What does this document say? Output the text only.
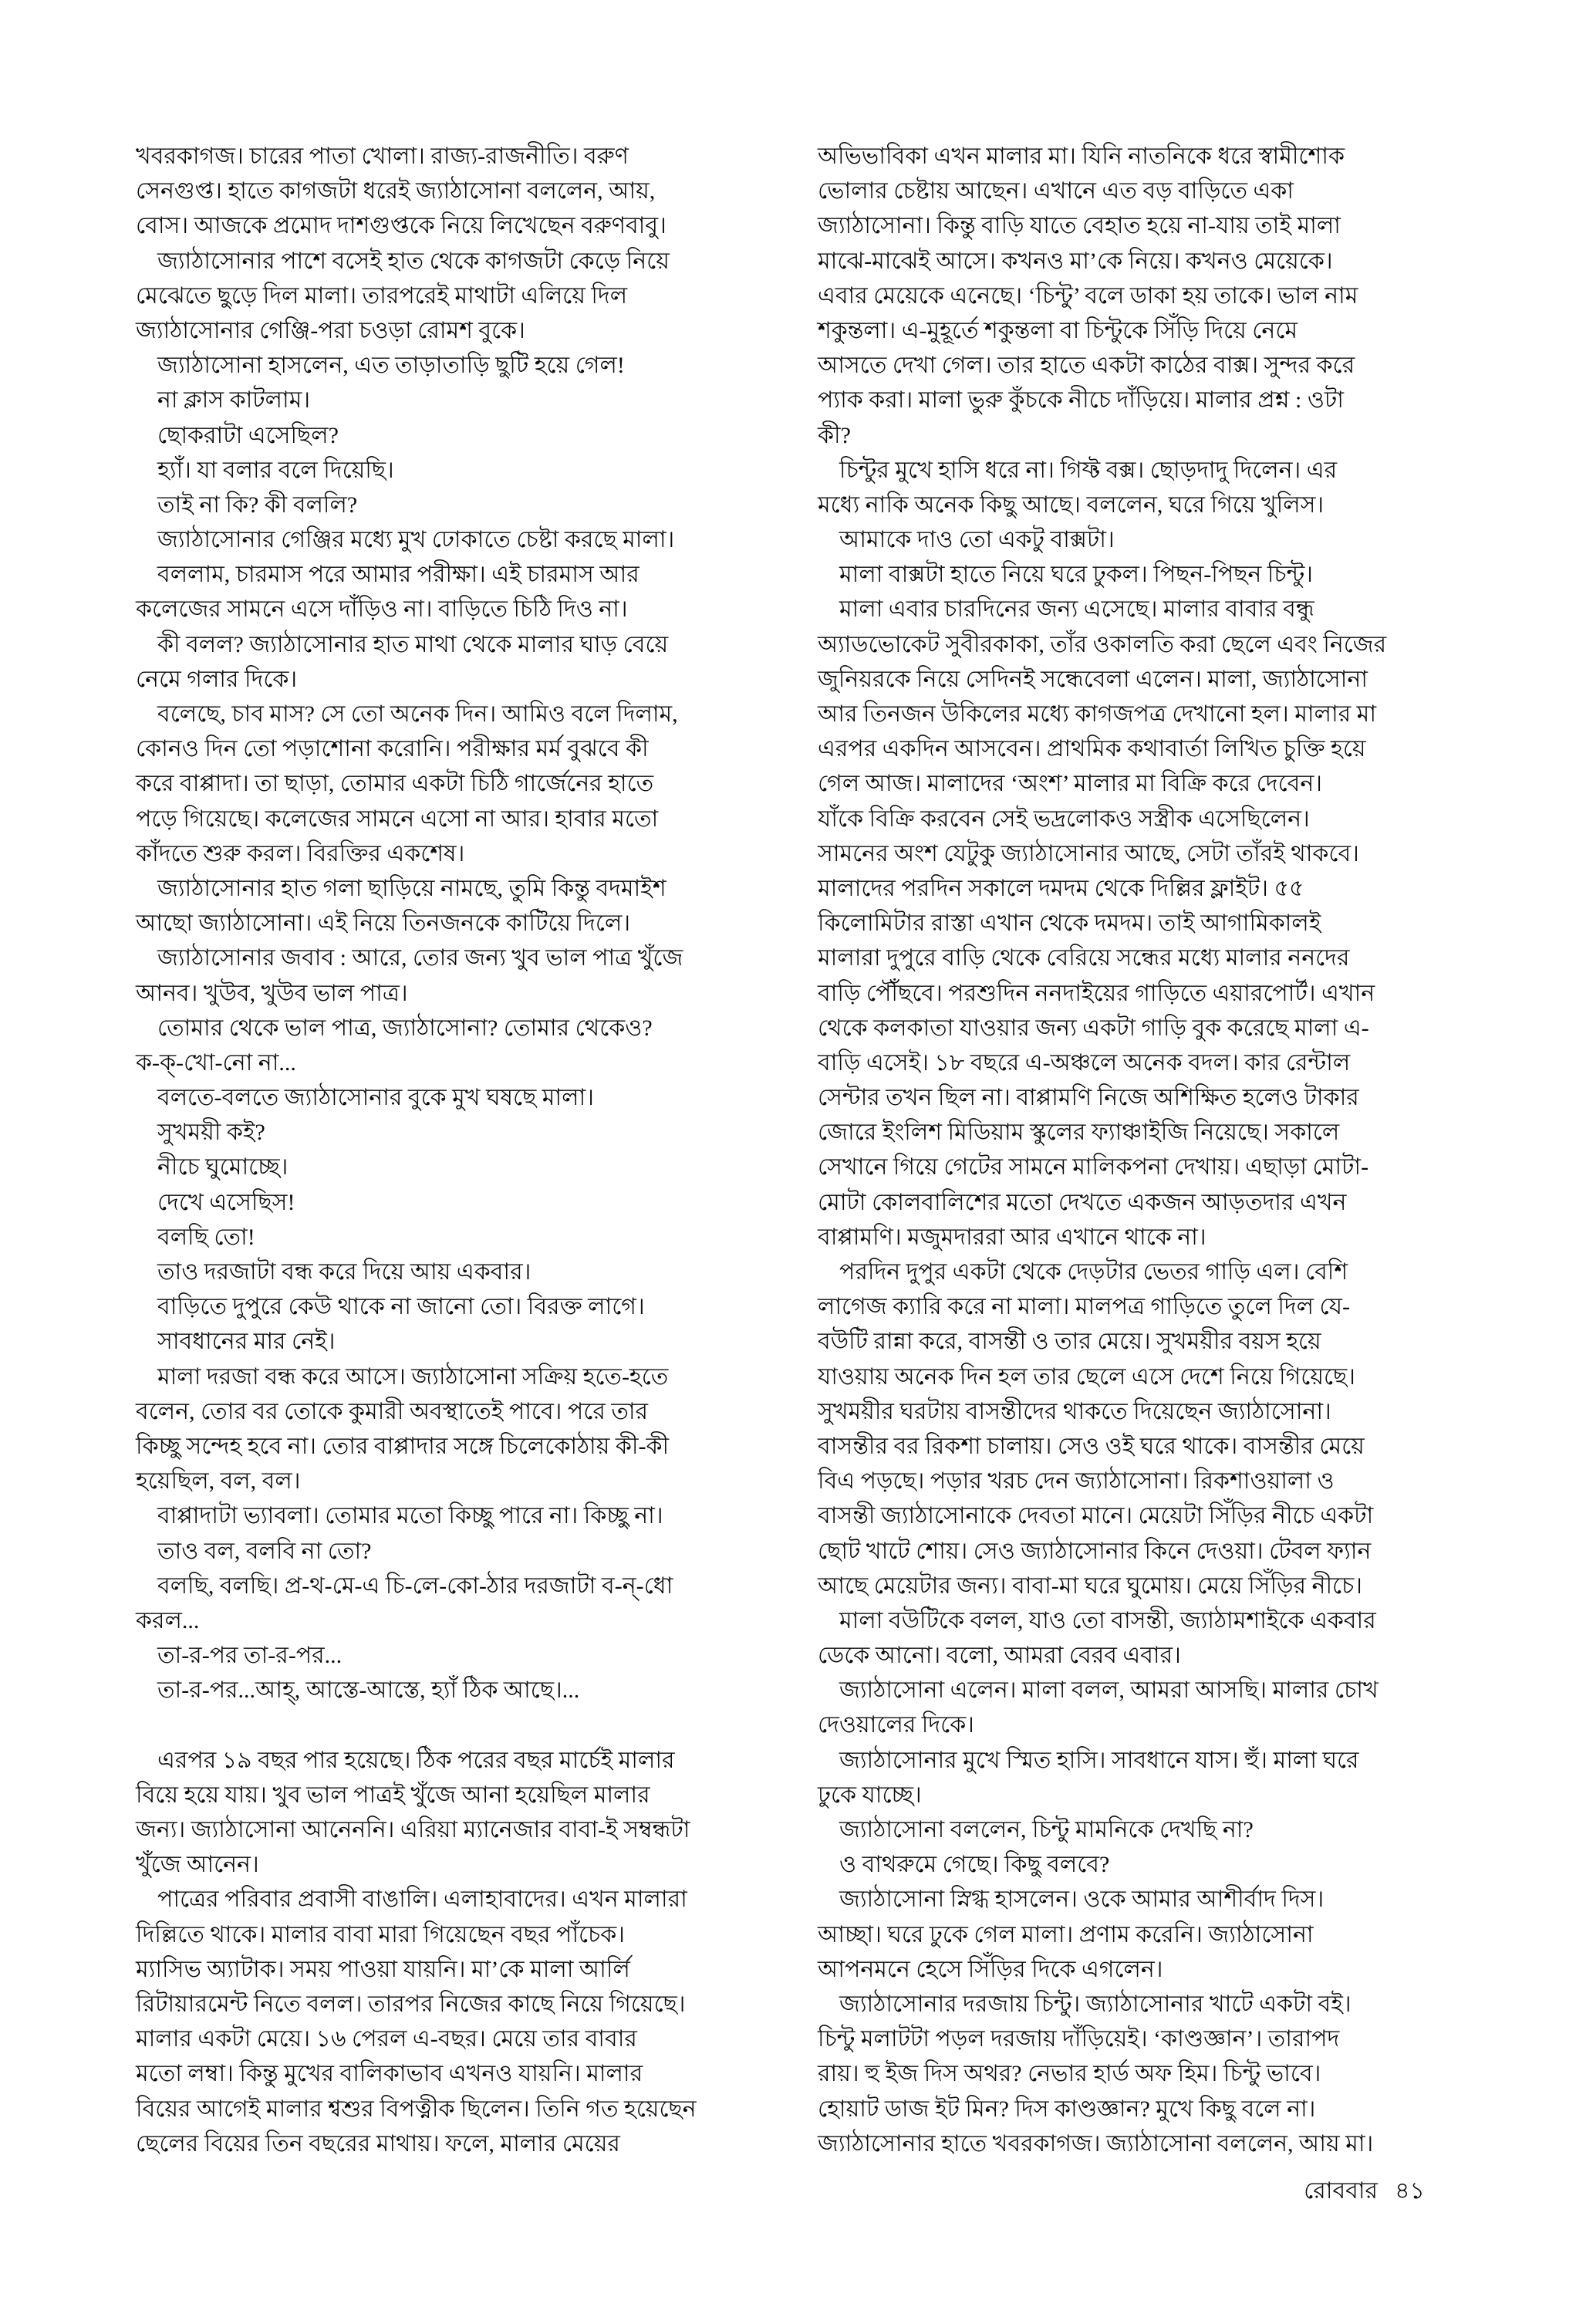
খবরকাগজ। চারের পাতা খোলা। রাজ্য-রাজনীতি। বরুণ
সেনগুপ্ত। হাতে কাগজটা ধরেই জ্যাঠাসোনা বললেন, আয়,
বোস। আজকে প্রমোদ দাশগুপ্তকে নিয়ে লিখেছেন বরুণবাবু।
জ্যাঠাসোনার পাশে বসেই হাত থেকে কাগজটা কেড়ে নিয়ে
মেঝেতে ছুড়ে দিল মালা। তারপরেই মাথাটা এলিয়ে দিল
জ্যাঠাসোনার গেঞ্জি-পরা চওড়া রোমশ বুকে।
জ্যাঠাসোনা হাসলেন, এত তাড়াতাড়ি ছুটি হয়ে গেল!
না ক্লাস কাটলাম।
ছোকরাটা এসেছিল?
হ্যাঁ। যা বলার বলে দিয়েছি।
তাই না কি? কী বললি?
জ্যাঠাসোনার গেঞ্জির মধ্যে মুখ ঢোকাতে চেষ্টা করছে মালা।
বললাম, চারমাস পরে আমার পরীক্ষা। এই চারমাস আর
কলেজের সামনে এসে দাঁড়িও না। বাড়িতে চিঠি দিও না।
কী বলল? জ্যাঠাসোনার হাত মাথা থেকে মালার ঘাড় বেয়ে
নেমে গলার দিকে।
বলেছে, চাব মাস? সে তো অনেক দিন। আমিও বলে দিলাম,
কোনও দিন তো পড়াশোনা করোনি। পরীক্ষার মর্ম বুঝবে কী
করে বাপ্পাদা। তা ছাড়া, তোমার একটা চিঠি গার্জেনের হাতে
পড়ে গিয়েছে। কলেজের সামনে এসো না আর। হাবার মতো
কাঁদতে শুরু করল। বিরক্তির একশেষ।
জ্যাঠাসোনার হাত গলা ছাড়িয়ে নামছে, তুমি কিন্তু বদমাইশ
আছো জ্যাঠাসোনা। এই নিয়ে তিনজনকে কাটিয়ে দিলে।
জ্যাঠাসোনার জবাব : আরে, তোর জন্য খুব ভাল পাত্র খুঁজে
আনব। খুউব, খুউব ভাল পাত্র।
তোমার থেকে ভাল পাত্র, জ্যাঠাসোনা? তোমার থেকেও?
ক-ক্-খো-নো না...
বলতে-বলতে জ্যাঠাসোনার বুকে মুখ ঘষছে মালা।
সুখময়ী কই?
নীচে ঘুমোচ্ছে।
দেখে এসেছিস!
বলছি তো!
তাও দরজাটা বন্ধ করে দিয়ে আয় একবার।
বাড়িতে দুপুরে কেউ থাকে না জানো তো। বিরক্ত লাগে।
সাবধানের মার নেই।
মালা দরজা বন্ধ করে আসে। জ্যাঠাসোনা সক্রিয় হতে-হতে
বলেন, তোর বর তোকে কুমারী অবস্থাতেই পাবে। পরে তার
কিচ্ছু সন্দেহ হবে না। তোর বাপ্পাদার সঙ্গে চিলেকোঠায় কী-কী
হয়েছিল, বল, বল।
বাপ্পাদাটা ভ্যাবলা। তোমার মতো কিচ্ছু পারে না। কিচ্ছু না।
তাও বল, বলবি না তো?
বলছি, বলছি। প্র-থ-মে-এ চি-লে-কো-ঠার দরজাটা ব-ন্-ধো
করল...
তা-র-পর তা-র-পর...
তা-র-পর...আহ্, আস্তে-আস্তে, হ্যাঁ ঠিক আছে।...
এরপর ১৯ বছর পার হয়েছে। ঠিক পরের বছর মার্চেই মালার
বিয়ে হয়ে যায়। খুব ভাল পাত্রই খুঁজে আনা হয়েছিল মালার
জন্য। জ্যাঠাসোনা আনেননি। এরিয়া ম্যানেজার বাবা-ই সম্বন্ধটা
খুঁজে আনেন।
পাত্রের পরিবার প্রবাসী বাঙালি। এলাহাবাদের। এখন মালারা
দিল্লিতে থাকে। মালার বাবা মারা গিয়েছেন বছর পাঁচেক।
ম্যাসিভ অ্যাটাক। সময় পাওয়া যায়নি। মা’কে মালা আর্লি
রিটায়ারমেন্ট নিতে বলল। তারপর নিজের কাছে নিয়ে গিয়েছে।
মালার একটা মেয়ে। ১৬ পেরল এ-বছর। মেয়ে তার বাবার
মতো লম্বা। কিন্তু মুখের বালিকাভাব এখনও যায়নি। মালার
বিয়ের আগেই মালার শ্বশুর বিপত্নীক ছিলেন। তিনি গত হয়েছেন
ছেলের বিয়ের তিন বছরের মাথায়। ফলে, মালার মেয়ের
অভিভাবিকা এখন মালার মা। যিনি নাতনিকে ধরে স্বামীশোক
ভোলার চেষ্টায় আছেন। এখানে এত বড় বাড়িতে একা
জ্যাঠাসোনা। কিন্তু বাড়ি যাতে বেহাত হয়ে না-যায় তাই মালা
মাঝে-মাঝেই আসে। কখনও মা’কে নিয়ে। কখনও মেয়েকে।
এবার মেয়েকে এনেছে। ‘চিন্টু’ বলে ডাকা হয় তাকে। ভাল নাম
শকুন্তলা। এ-মুহূর্তে শকুন্তলা বা চিন্টুকে সিঁড়ি দিয়ে নেমে
আসতে দেখা গেল। তার হাতে একটা কাঠের বাক্স। সুন্দর করে
প্যাক করা। মালা ভুরু কুঁচকে নীচে দাঁড়িয়ে। মালার প্রশ্ন : ওটা
কী?
চিন্টুর মুখে হাসি ধরে না। গিফ্ট বক্স। ছোড়দাদু দিলেন। এর
মধ্যে নাকি অনেক কিছু আছে। বললেন, ঘরে গিয়ে খুলিস।
আমাকে দাও তো একটু বাক্সটা।
মালা বাক্সটা হাতে নিয়ে ঘরে ঢুকল। পিছন-পিছন চিন্টু।
মালা এবার চারদিনের জন্য এসেছে। মালার বাবার বন্ধু
অ্যাডভোকেট সুবীরকাকা, তাঁর ওকালতি করা ছেলে এবং নিজের
জুনিয়রকে নিয়ে সেদিনই সন্ধেবেলা এলেন। মালা, জ্যাঠাসোনা
আর তিনজন উকিলের মধ্যে কাগজপত্র দেখানো হল। মালার মা
এরপর একদিন আসবেন। প্রাথমিক কথাবার্তা লিখিত চুক্তি হয়ে
গেল আজ। মালাদের ‘অংশ’ মালার মা বিক্রি করে দেবেন।
যাঁকে বিক্রি করবেন সেই ভদ্রলোকও সস্ত্রীক এসেছিলেন।
সামনের অংশ যেটুকু জ্যাঠাসোনার আছে, সেটা তাঁরই থাকবে।
মালাদের পরদিন সকালে দমদম থেকে দিল্লির ফ্লাইট। ৫৫
কিলোমিটার রাস্তা এখান থেকে দমদম। তাই আগামিকালই
মালারা দুপুরে বাড়ি থেকে বেরিয়ে সন্ধের মধ্যে মালার ননদের
বাড়ি পৌঁছবে। পরশুদিন ননদাইয়ের গাড়িতে এয়ারপোর্ট। এখান
থেকে কলকাতা যাওয়ার জন্য একটা গাড়ি বুক করেছে মালা এ-
বাড়ি এসেই। ১৮ বছরে এ-অঞ্চলে অনেক বদল। কার রেন্টাল
সেন্টার তখন ছিল না। বাপ্পামণি নিজে অশিক্ষিত হলেও টাকার
জোরে ইংলিশ মিডিয়াম স্কুলের ফ্যাঞ্চাইজি নিয়েছে। সকালে
সেখানে গিয়ে গেটের সামনে মালিকপনা দেখায়। এছাড়া মোটা-
মোটা কোলবালিশের মতো দেখতে একজন আড়তদার এখন
বাপ্পামণি। মজুমদাররা আর এখানে থাকে না।
পরদিন দুপুর একটা থেকে দেড়টার ভেতর গাড়ি এল। বেশি
লাগেজ ক্যারি করে না মালা। মালপত্র গাড়িতে তুলে দিল যে-
বউটি রান্না করে, বাসন্তী ও তার মেয়ে। সুখময়ীর বয়স হয়ে
যাওয়ায় অনেক দিন হল তার ছেলে এসে দেশে নিয়ে গিয়েছে।
সুখময়ীর ঘরটায় বাসন্তীদের থাকতে দিয়েছেন জ্যাঠাসোনা।
বাসন্তীর বর রিকশা চালায়। সেও ওই ঘরে থাকে। বাসন্তীর মেয়ে
বিএ পড়ছে। পড়ার খরচ দেন জ্যাঠাসোনা। রিকশাওয়ালা ও
বাসন্তী জ্যাঠাসোনাকে দেবতা মানে। মেয়েটা সিঁড়ির নীচে একটা
ছোট খাটে শোয়। সেও জ্যাঠাসোনার কিনে দেওয়া। টেবল ফ্যান
আছে মেয়েটার জন্য। বাবা-মা ঘরে ঘুমোয়। মেয়ে সিঁড়ির নীচে।
মালা বউটিকে বলল, যাও তো বাসন্তী, জ্যাঠামশাইকে একবার
ডেকে আনো। বলো, আমরা বেরব এবার।
জ্যাঠাসোনা এলেন। মালা বলল, আমরা আসছি। মালার চোখ
দেওয়ালের দিকে।
জ্যাঠাসোনার মুখে স্মিত হাসি। সাবধানে যাস। হুঁ। মালা ঘরে
ঢুকে যাচ্ছে।
জ্যাঠাসোনা বললেন, চিন্টু মামনিকে দেখছি না?
ও বাথরুমে গেছে। কিছু বলবে?
জ্যাঠাসোনা স্নিগ্ধ হাসলেন। ওকে আমার আশীর্বাদ দিস।
আচ্ছা। ঘরে ঢুকে গেল মালা। প্রণাম করেনি। জ্যাঠাসোনা
আপনমনে হেসে সিঁড়ির দিকে এগলেন।
জ্যাঠাসোনার দরজায় চিন্টু। জ্যাঠাসোনার খাটে একটা বই।
চিন্টু মলাটটা পড়ল দরজায় দাঁড়িয়েই। ‘কাণ্ডজ্ঞান’। তারাপদ
রায়। হু ইজ দিস অথর? নেভার হার্ড অফ হিম। চিন্টু ভাবে।
হোয়াট ডাজ ইট মিন? দিস কাণ্ডজ্ঞান? মুখে কিছু বলে না।
জ্যাঠাসোনার হাতে খবরকাগজ। জ্যাঠাসোনা বললেন, আয় মা।
রোববার ৪১
